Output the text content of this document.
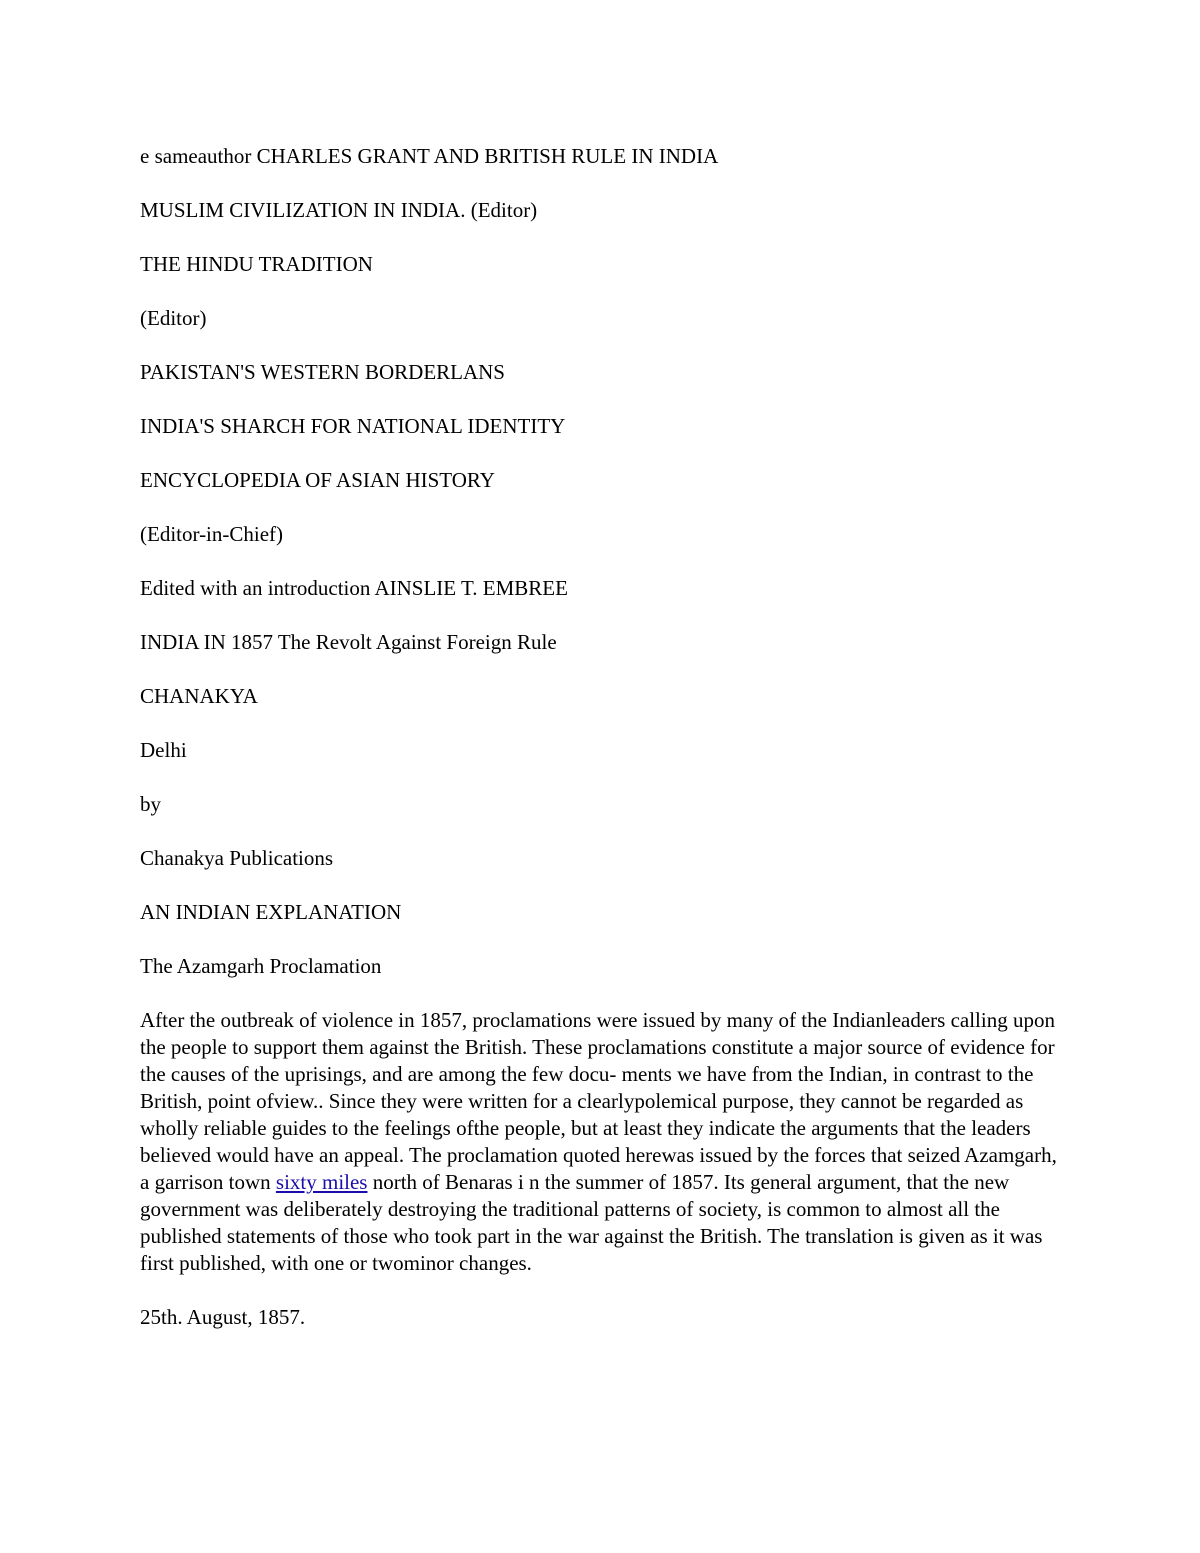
e sameauthor CHARLES GRANT AND BRITISH RULE IN INDIA
MUSLIM CIVILIZATION IN INDIA. (Editor)
THE HINDU TRADITION
(Editor)
PAKISTAN'S WESTERN BORDERLANS
INDIA'S SHARCH FOR NATIONAL IDENTITY
ENCYCLOPEDIA OF ASIAN HISTORY
(Editor-in-Chief)
Edited with an introduction AINSLIE T. EMBREE
INDIA IN 1857 The Revolt Against Foreign Rule
CHANAKYA
Delhi
by
Chanakya Publications
AN INDIAN EXPLANATION
The Azamgarh Proclamation

After the outbreak of violence in 1857, proclamations were issued by many of the Indianleaders calling upon the people to support them against the British. These proclamations constitute a major source of evidence for the causes of the uprisings, and are among the few docu- ments we have from the Indian, in contrast to the British, point ofview.. Since they were written for a clearlypolemical purpose, they cannot be regarded as wholly reliable guides to the feelings ofthe people, but at least they indicate the arguments that the leaders believed would have an appeal. The proclamation quoted herewas issued by the forces that seized Azamgarh, a garrison town sixty miles north of Benaras i n the summer of 1857. Its general argument, that the new government was deliberately destroying the traditional patterns of society, is common to almost all the published statements of those who took part in the war against the British. The translation is given as it was first published, with one or twominor changes.

25th. August, 1857.
